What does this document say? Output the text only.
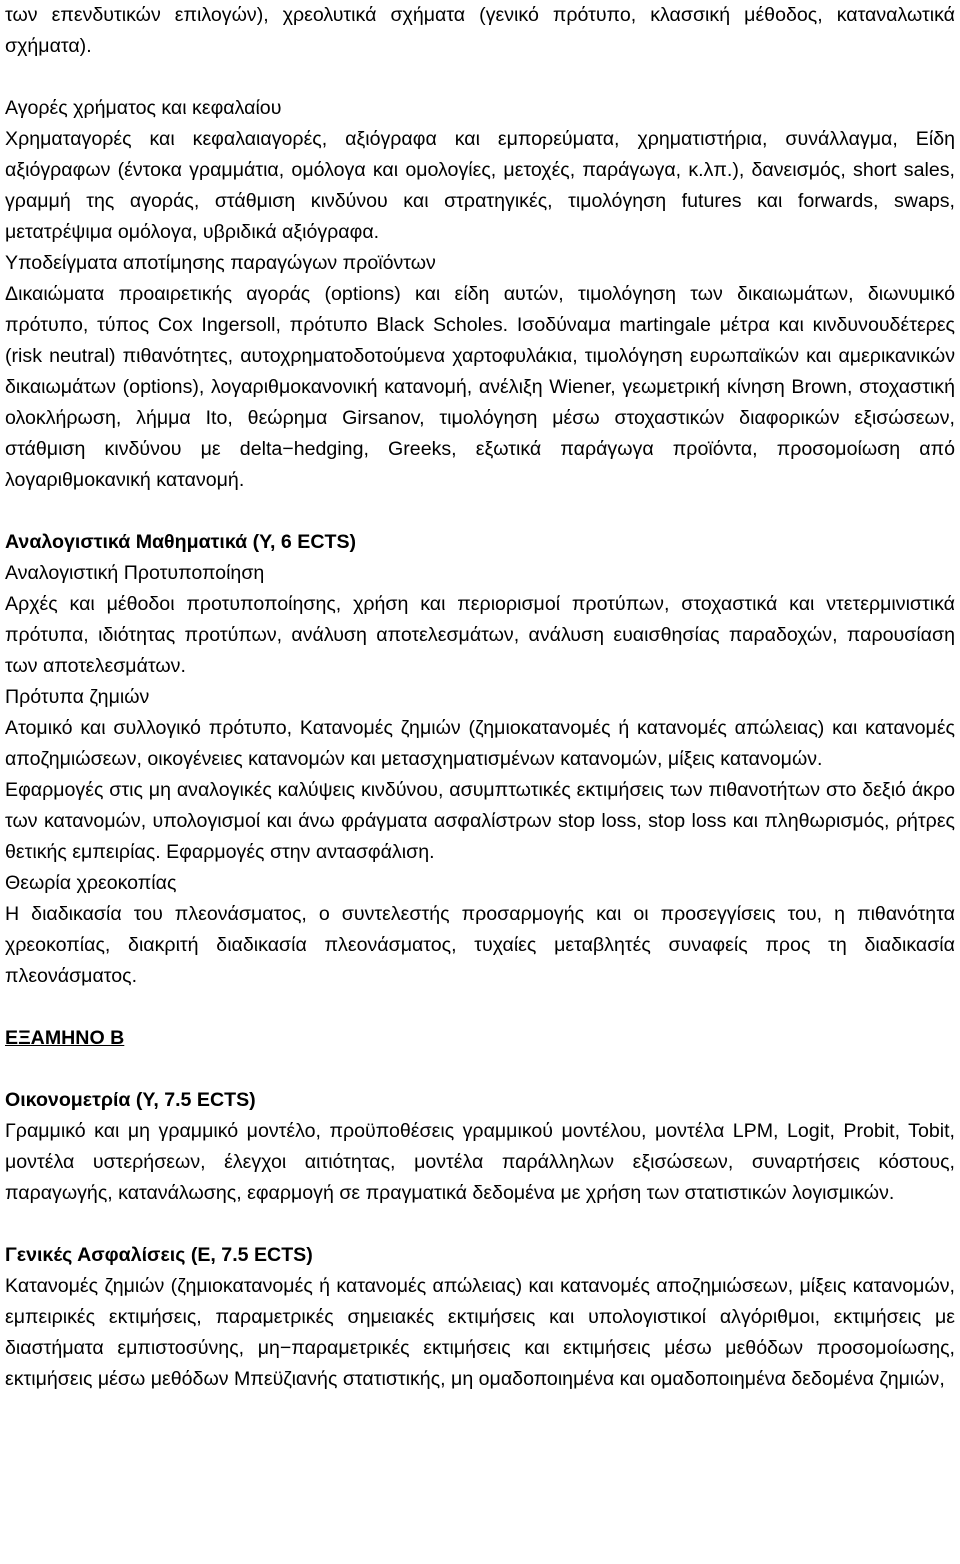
των επενδυτικών επιλογών), χρεολυτικά σχήματα (γενικό πρότυπο, κλασσική μέθοδος, καταναλωτικά σχήματα).

Αγορές χρήματος και κεφαλαίου

Χρηματαγορές και κεφαλαιαγορές, αξιόγραφα και εμπορεύματα, χρηματιστήρια, συνάλλαγμα, Είδη αξιόγραφων (έντοκα γραμμάτια, ομόλογα και ομολογίες, μετοχές, παράγωγα, κ.λπ.), δανεισμός, short sales, γραμμή της αγοράς, στάθμιση κινδύνου και στρατηγικές, τιμολόγηση futures και forwards, swaps, μετατρέψιμα ομόλογα, υβριδικά αξιόγραφα.

Υποδείγματα αποτίμησης παραγώγων προϊόντων

Δικαιώματα προαιρετικής αγοράς (options) και είδη αυτών, τιμολόγηση των δικαιωμάτων, διωνυμικό πρότυπο, τύπος Cox Ingersoll, πρότυπο Black Scholes. Ισοδύναμα martingale μέτρα και κινδυνουδέτερες (risk neutral) πιθανότητες, αυτοχρηματοδοτούμενα χαρτοφυλάκια, τιμολόγηση ευρωπαϊκών και αμερικανικών δικαιωμάτων (options), λογαριθμοκανονική κατανομή, ανέλιξη Wiener, γεωμετρική κίνηση Brown, στοχαστική ολοκλήρωση, λήμμα Ito, θεώρημα Girsanov, τιμολόγηση μέσω στοχαστικών διαφορικών εξισώσεων, στάθμιση κινδύνου με delta−hedging, Greeks, εξωτικά παράγωγα προϊόντα, προσομοίωση από λογαριθμοκανική κατανομή.

Αναλογιστικά Μαθηματικά (Υ, 6 ECTS)

Αναλογιστική Προτυποποίηση

Αρχές και μέθοδοι προτυποποίησης, χρήση και περιορισμοί προτύπων, στοχαστικά και ντετερμινιστικά πρότυπα, ιδιότητας προτύπων, ανάλυση αποτελεσμάτων, ανάλυση ευαισθησίας παραδοχών, παρουσίαση των αποτελεσμάτων.

Πρότυπα ζημιών

Ατομικό και συλλογικό πρότυπο, Κατανομές ζημιών (ζημιοκατανομές ή κατανομές απώλειας) και κατανομές αποζημιώσεων, οικογένειες κατανομών και μετασχηματισμένων κατανομών, μίξεις κατανομών.

Εφαρμογές στις μη αναλογικές καλύψεις κινδύνου, ασυμπτωτικές εκτιμήσεις των πιθανοτήτων στο δεξιό άκρο των κατανομών, υπολογισμοί και άνω φράγματα ασφαλίστρων stop loss, stop loss και πληθωρισμός, ρήτρες θετικής εμπειρίας. Εφαρμογές στην αντασφάλιση.

Θεωρία χρεοκοπίας

Η διαδικασία του πλεονάσματος, ο συντελεστής προσαρμογής και οι προσεγγίσεις του, η πιθανότητα χρεοκοπίας, διακριτή διαδικασία πλεονάσματος, τυχαίες μεταβλητές συναφείς προς τη διαδικασία πλεονάσματος.

ΕΞΑΜΗΝΟ Β

Οικονομετρία (Υ, 7.5 ECTS)

Γραμμικό και μη γραμμικό μοντέλο, προϋποθέσεις γραμμικού μοντέλου, μοντέλα LPM, Logit, Probit, Tobit, μοντέλα υστερήσεων, έλεγχοι αιτιότητας, μοντέλα παράλληλων εξισώσεων, συναρτήσεις κόστους, παραγωγής, κατανάλωσης, εφαρμογή σε πραγματικά δεδομένα με χρήση των στατιστικών λογισμικών.

Γενικές Ασφαλίσεις (Ε, 7.5 ECTS)

Κατανομές ζημιών (ζημιοκατανομές ή κατανομές απώλειας) και κατανομές αποζημιώσεων, μίξεις κατανομών, εμπειρικές εκτιμήσεις, παραμετρικές σημειακές εκτιμήσεις και υπολογιστικοί αλγόριθμοι, εκτιμήσεις με διαστήματα εμπιστοσύνης, μη−παραμετρικές εκτιμήσεις και εκτιμήσεις μέσω μεθόδων προσομοίωσης, εκτιμήσεις μέσω μεθόδων Μπεϋζιανής στατιστικής, μη ομαδοποιημένα και ομαδοποιημένα δεδομένα ζημιών,
